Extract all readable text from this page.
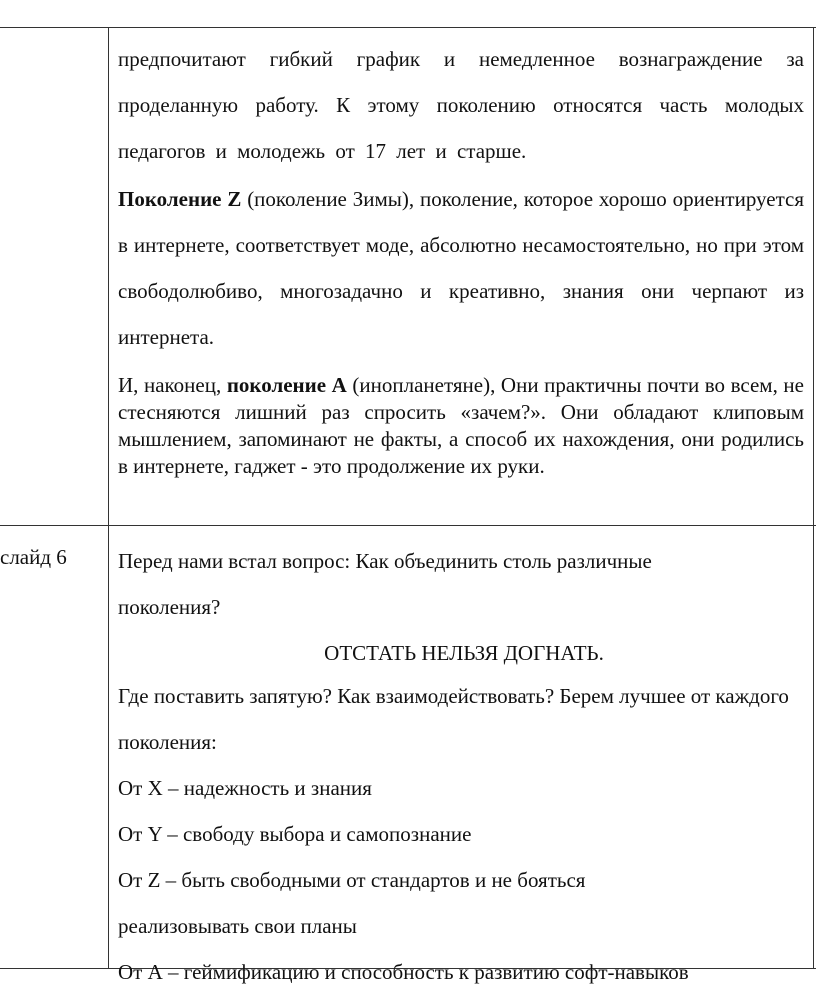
предпочитают гибкий график и немедленное вознаграждение за проделанную работу. К этому поколению относятся часть молодых педагогов и молодежь от 17 лет и старше.

Поколение Z (поколение Зимы), поколение, которое хорошо ориентируется в интернете, соответствует моде, абсолютно несамостоятельно, но при этом свободолюбиво, многозадачно и креативно, знания они черпают из интернета.

И, наконец, поколение А (инопланетяне), Они практичны почти во всем, не стесняются лишний раз спросить «зачем?». Они обладают клиповым мышлением, запоминают не факты, а способ их нахождения, они родились в интернете, гаджет - это продолжение их руки.

слайд 6 Перед нами встал вопрос: Как объединить столь различные поколения?

ОТСТАТЬ НЕЛЬЗЯ ДОГНАТЬ.

Где поставить запятую? Как взаимодействовать? Берем лучшее от каждого поколения:

От Х – надежность и знания

От Y – свободу выбора и самопознание

От Z – быть свободными от стандартов и не бояться реализовывать свои планы

От А – геймификацию и способность к развитию софт-навыков
